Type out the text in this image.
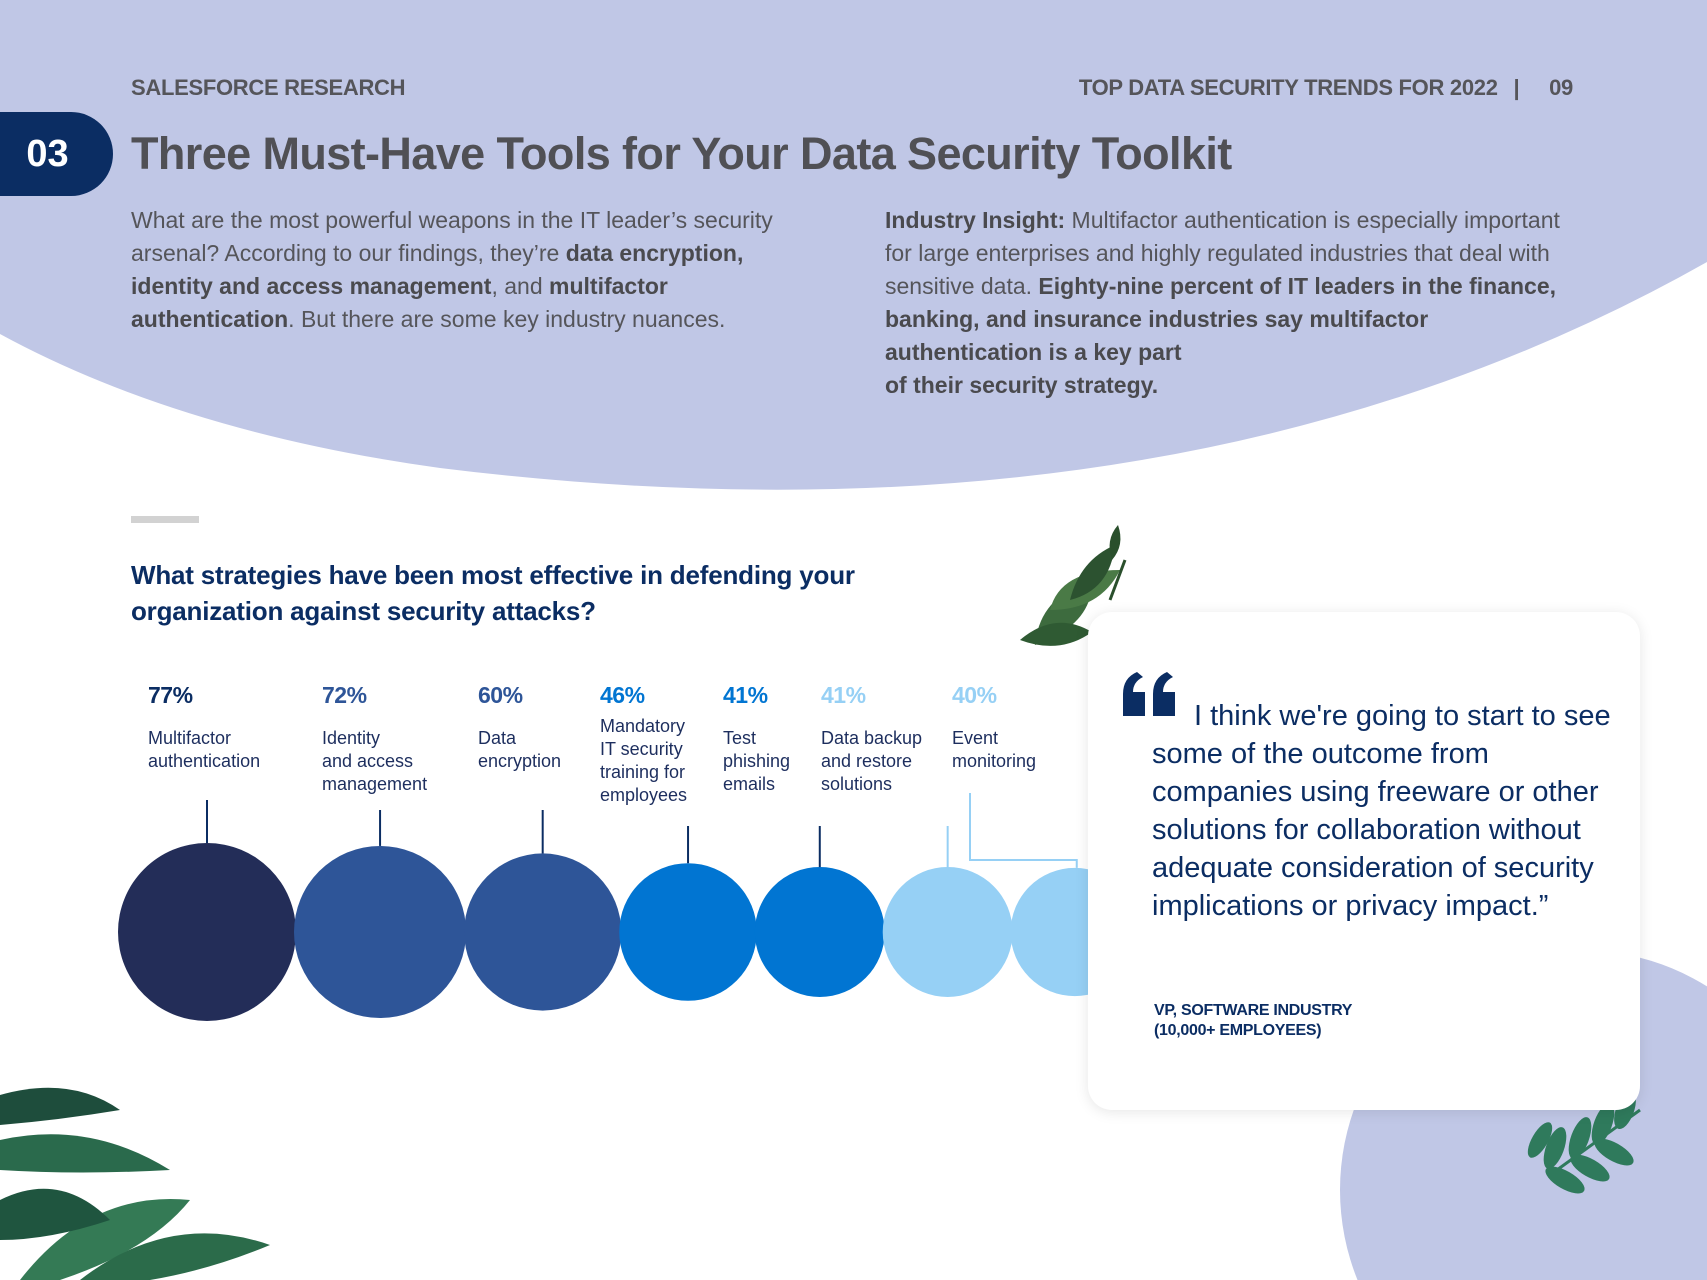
SALESFORCE RESEARCH	TOP DATA SECURITY TRENDS FOR 2022 | 09
03	Three Must-Have Tools for Your Data Security Toolkit
What are the most powerful weapons in the IT leader’s security arsenal? According to our findings, they’re data encryption, identity and access management, and multifactor authentication. But there are some key industry nuances.
Industry Insight: Multifactor authentication is especially important for large enterprises and highly regulated industries that deal with sensitive data. Eighty-nine percent of IT leaders in the finance, banking, and insurance industries say multifactor authentication is a key part
of their security strategy.
What strategies have been most effective in defending your organization against security attacks?
77%
Multifactor
authentication
72%
Identity
and access
management
60%
Data
encryption
46%
Mandatory
IT security
training for
employees
41%
Test
phishing
emails
41%
Data backup
and restore
solutions
40%
Event
monitoring
I think we're going to start to see some of the outcome from companies using freeware or other solutions for collaboration without adequate consideration of security implications or privacy impact.”
VP, SOFTWARE INDUSTRY
(10,000+ EMPLOYEES)
